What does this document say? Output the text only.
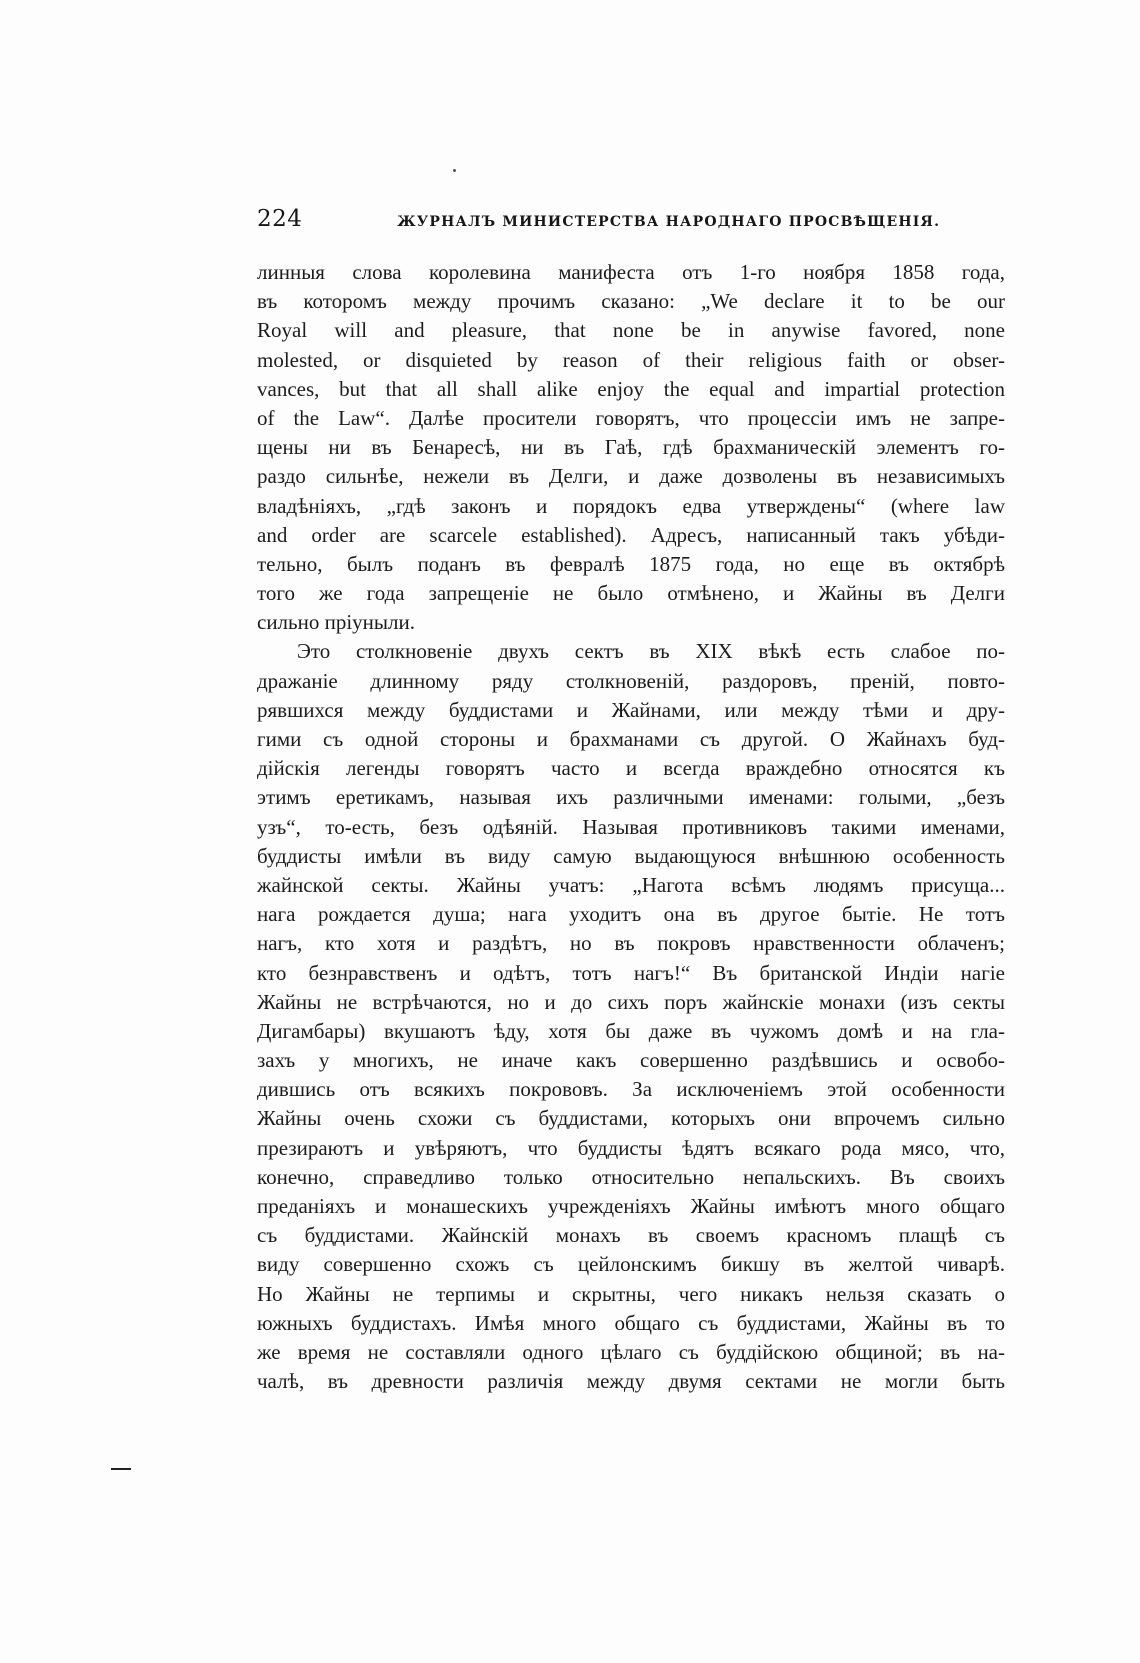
224	ЖУРНАЛЪ МИНИСТЕРСТВА НАРОДНАГО ПРОСВѢЩЕНІЯ.
линныя слова королевина манифеста отъ 1-го ноября 1858 года,
въ которомъ между прочимъ сказано: „We declare it to be our
Royal will and pleasure, that none be in anywise favored, none
molested, or disquieted by reason of their religious faith or obser-
vances, but that all shall alike enjoy the equal and impartial protection
of the Law“. Далѣе просители говорятъ, что процессіи имъ не запре-
щены ни въ Бенаресѣ, ни въ Гаѣ, гдѣ брахманическій элементъ го-
раздо сильнѣе, нежели въ Делги, и даже дозволены въ независимыхъ
владѣніяхъ, „гдѣ законъ и порядокъ едва утверждены“ (where law
and order are scarcele established). Адресъ, написанный такъ убѣди-
тельно, былъ поданъ въ февралѣ 1875 года, но еще въ октябрѣ
того же года запрещеніе не было отмѣнено, и Жайны въ Делги
сильно пріуныли.
Это столкновеніе двухъ сектъ въ XIX вѣкѣ есть слабое по-
дражаніе длинному ряду столкновеній, раздоровъ, преній, повто-
рявшихся между буддистами и Жайнами, или между тѣми и дру-
гими съ одной стороны и брахманами съ другой. О Жайнахъ буд-
дійскія легенды говорятъ часто и всегда враждебно относятся къ
этимъ еретикамъ, называя ихъ различными именами: голыми, „безъ
узъ“, то-есть, безъ одѣяній. Называя противниковъ такими именами,
буддисты имѣли въ виду самую выдающуюся внѣшнюю особенность
жайнской секты. Жайны учатъ: „Нагота всѣмъ людямъ присуща...
нага рождается душа; нага уходитъ она въ другое бытіе. Не тотъ
нагъ, кто хотя и раздѣтъ, но въ покровъ нравственности облаченъ;
кто безнравственъ и одѣтъ, тотъ нагъ!“ Въ британской Индіи нагіе
Жайны не встрѣчаются, но и до сихъ поръ жайнскіе монахи (изъ секты
Дигамбары) вкушаютъ ѣду, хотя бы даже въ чужомъ домѣ и на гла-
захъ у многихъ, не иначе какъ совершенно раздѣвшись и освобо-
дившись отъ всякихъ покрововъ. За исключеніемъ этой особенности
Жайны очень схожи съ буддистами, которыхъ они впрочемъ сильно
презираютъ и увѣряютъ, что буддисты ѣдятъ всякаго рода мясо, что,
конечно, справедливо только относительно непальскихъ. Въ своихъ
преданіяхъ и монашескихъ учрежденіяхъ Жайны имѣютъ много общаго
съ буддистами. Жайнскій монахъ въ своемъ красномъ плащѣ съ
виду совершенно схожъ съ цейлонскимъ бикшу въ желтой чиварѣ.
Но Жайны не терпимы и скрытны, чего никакъ нельзя сказать о
южныхъ буддистахъ. Имѣя много общаго съ буддистами, Жайны въ то
же время не составляли одного цѣлаго съ буддійскою общиной; въ на-
чалѣ, въ древности различія между двумя сектами не могли быть
